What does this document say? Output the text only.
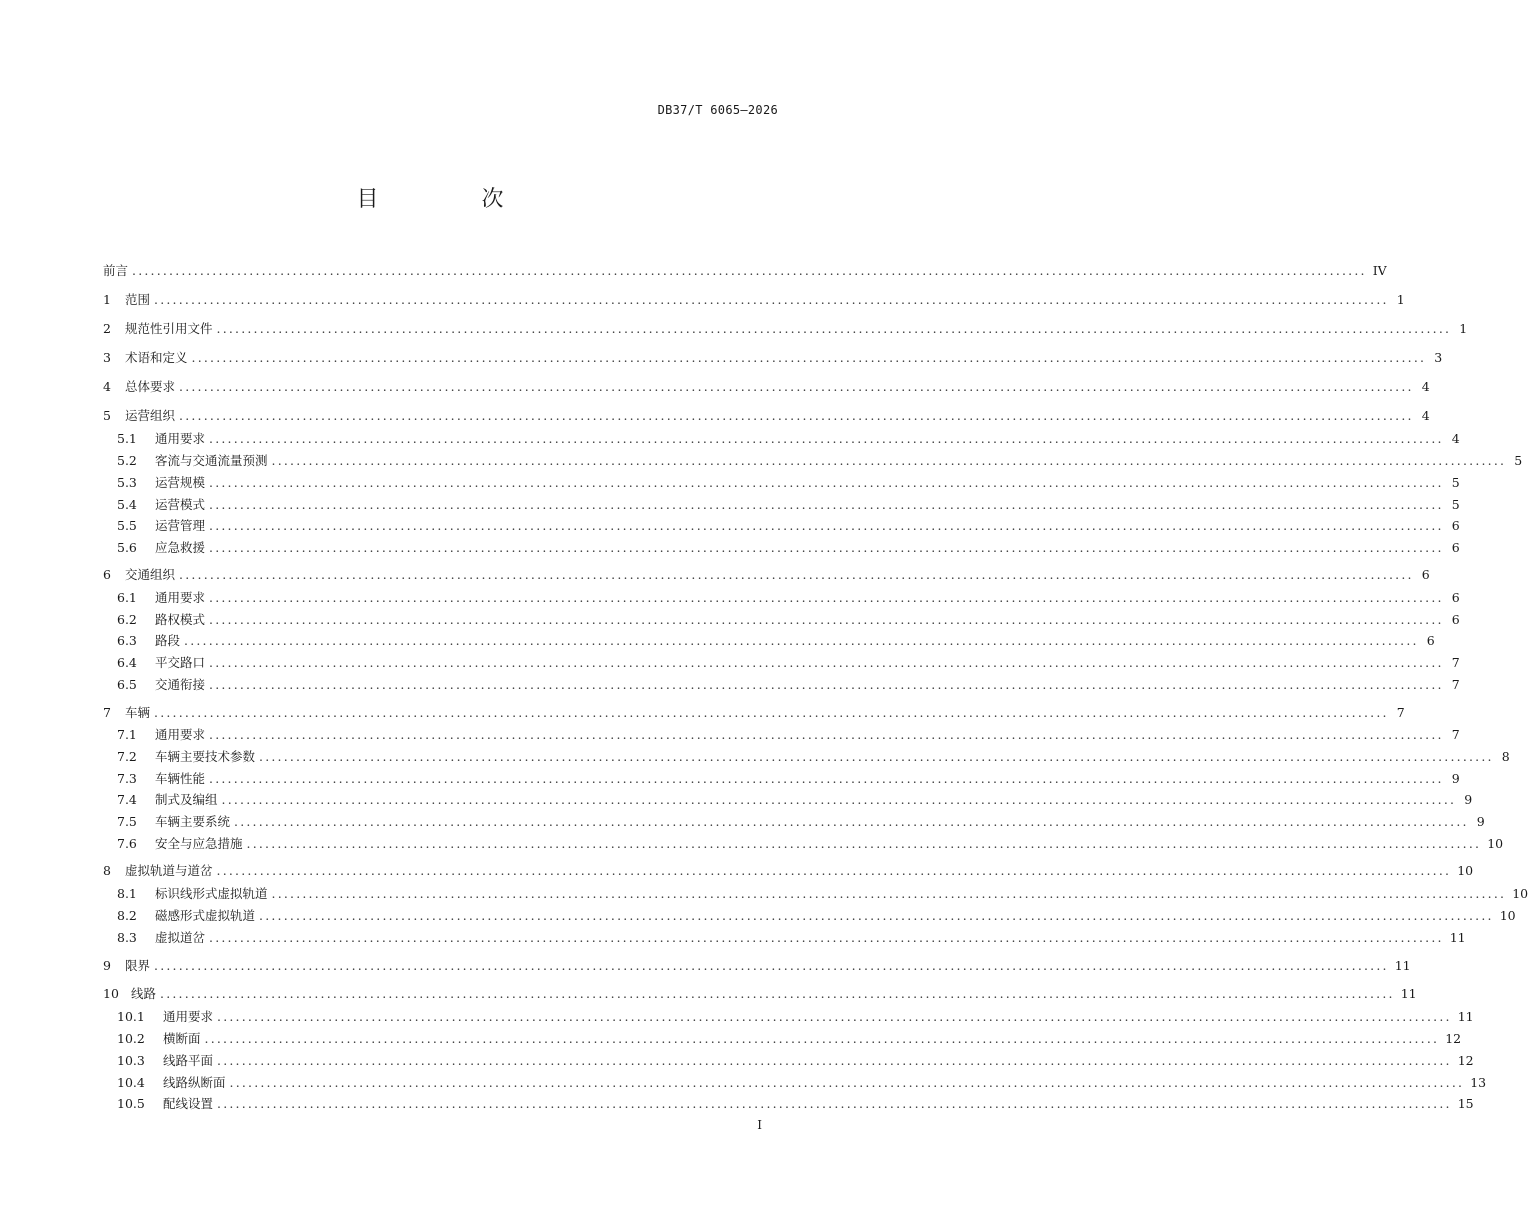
DB37/T 6065—2026
目 次
前言 ........................................................................................................................................................................................................ IV
1	范围 ........................................................................................................................................................................................................ 1
2	规范性引用文件 ........................................................................................................................................................................................................ 1
3	术语和定义 ........................................................................................................................................................................................................ 3
4	总体要求 ........................................................................................................................................................................................................ 4
5	运营组织 ........................................................................................................................................................................................................ 4
5.1	通用要求 ........................................................................................................................................................................................................ 4
5.2	客流与交通流量预测 ........................................................................................................................................................................................................ 5
5.3	运营规模 ........................................................................................................................................................................................................ 5
5.4	运营模式 ........................................................................................................................................................................................................ 5
5.5	运营管理 ........................................................................................................................................................................................................ 6
5.6	应急救援 ........................................................................................................................................................................................................ 6
6	交通组织 ........................................................................................................................................................................................................ 6
6.1	通用要求 ........................................................................................................................................................................................................ 6
6.2	路权模式 ........................................................................................................................................................................................................ 6
6.3	路段 ........................................................................................................................................................................................................ 6
6.4	平交路口 ........................................................................................................................................................................................................ 7
6.5	交通衔接 ........................................................................................................................................................................................................ 7
7	车辆 ........................................................................................................................................................................................................ 7
7.1	通用要求 ........................................................................................................................................................................................................ 7
7.2	车辆主要技术参数 ........................................................................................................................................................................................................ 8
7.3	车辆性能 ........................................................................................................................................................................................................ 9
7.4	制式及编组 ........................................................................................................................................................................................................ 9
7.5	车辆主要系统 ........................................................................................................................................................................................................ 9
7.6	安全与应急措施 ........................................................................................................................................................................................................ 10
8	虚拟轨道与道岔 ........................................................................................................................................................................................................ 10
8.1	标识线形式虚拟轨道 ........................................................................................................................................................................................................ 10
8.2	磁感形式虚拟轨道 ........................................................................................................................................................................................................ 10
8.3	虚拟道岔 ........................................................................................................................................................................................................ 11
9	限界 ........................................................................................................................................................................................................ 11
10 线路 ........................................................................................................................................................................................................ 11
10.1	通用要求 ........................................................................................................................................................................................................ 11
10.2	横断面 ........................................................................................................................................................................................................ 12
10.3	线路平面 ........................................................................................................................................................................................................ 12
10.4	线路纵断面 ........................................................................................................................................................................................................ 13
10.5	配线设置 ........................................................................................................................................................................................................ 15
I
